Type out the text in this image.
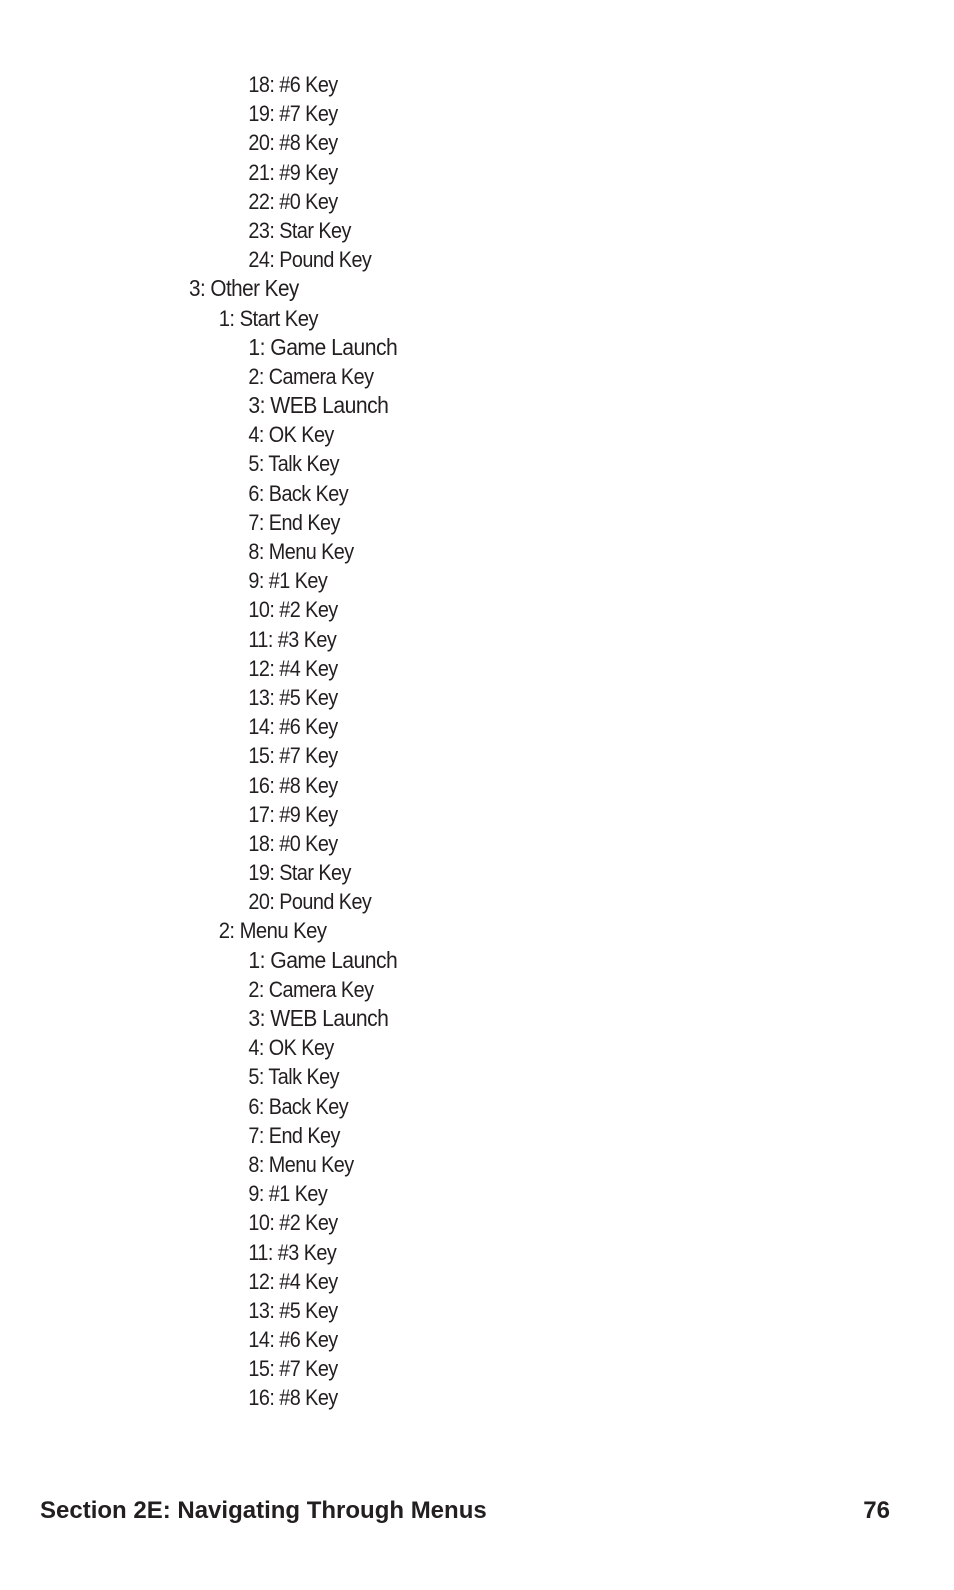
18: #6 Key
19: #7 Key
20: #8 Key
21: #9 Key
22: #0 Key
23: Star Key
24: Pound Key
3: Other Key
1: Start Key
1: Game Launch
2: Camera Key
3: WEB Launch
4: OK Key
5: Talk Key
6: Back Key
7: End Key
8: Menu Key
9: #1 Key
10: #2 Key
11: #3 Key
12: #4 Key
13: #5 Key
14: #6 Key
15: #7 Key
16: #8 Key
17: #9 Key
18: #0 Key
19: Star Key
20: Pound Key
2: Menu Key
1: Game Launch
2: Camera Key
3: WEB Launch
4: OK Key
5: Talk Key
6: Back Key
7: End Key
8: Menu Key
9: #1 Key
10: #2 Key
11: #3 Key
12: #4 Key
13: #5 Key
14: #6 Key
15: #7 Key
16: #8 Key
Section 2E: Navigating Through Menus	76
